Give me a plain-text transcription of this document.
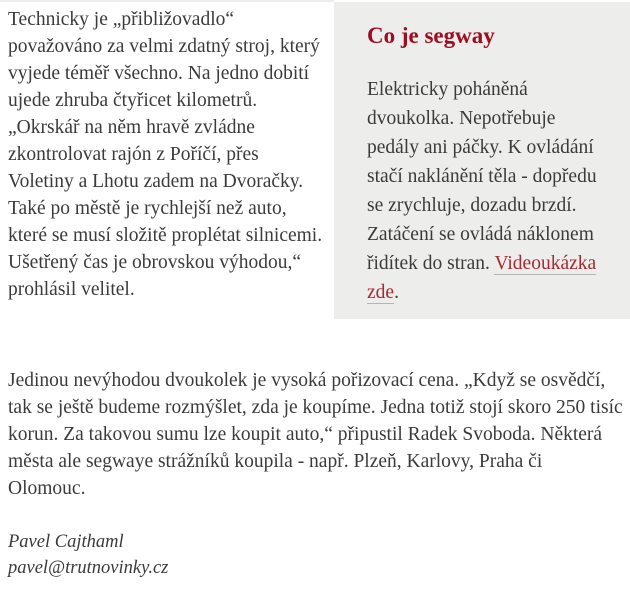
Technicky je „přibližovadlo“ považováno za velmi zdatný stroj, který vyjede téměř všechno. Na jedno dobití ujede zhruba čtyřicet kilometrů. „Okrskář na něm hravě zvládne zkontrolovat rajón z Poříčí, přes Voletiny a Lhotu zadem na Dvoračky. Také po městě je rychlejší než auto, které se musí složitě proplétat silnicemi. Ušetřený čas je obrovskou výhodou,“ prohlásil velitel.
Co je segway

Elektricky poháněná dvoukolka. Nepotřebuje pedály ani páčky. K ovládání stačí naklánění těla - dopředu se zrychluje, dozadu brzdí. Zatáčení se ovládá náklonem řidítek do stran. Videoukázka zde.

Jedinou nevýhodou dvoukolek je vysoká pořizovací cena. „Když se osvědčí, tak se ještě budeme rozmýšlet, zda je koupíme. Jedna totiž stojí skoro 250 tisíc korun. Za takovou sumu lze koupit auto,“ připustil Radek Svoboda. Některá města ale segwaye strážníků koupila - např. Plzeň, Karlovy, Praha či Olomouc.
Pavel Cajthaml
pavel@trutnovinky.cz
